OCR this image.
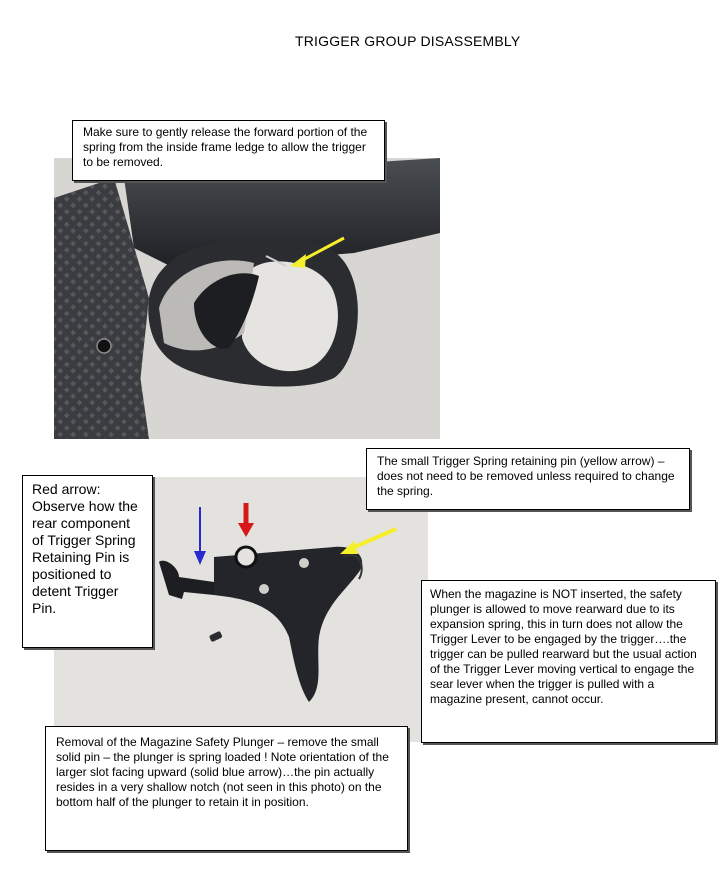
TRIGGER GROUP DISASSEMBLY

Make sure to gently release the forward portion of the spring from the inside frame ledge to allow the trigger to be removed.

The small Trigger Spring retaining pin (yellow arrow) – does not need to be removed unless required to change the spring.

Red arrow: Observe how the rear component of Trigger Spring Retaining Pin is positioned to detent Trigger Pin.

When the magazine is NOT inserted, the safety plunger is allowed to move rearward due to its expansion spring, this in turn does not allow the Trigger Lever to be engaged by the trigger….the trigger can be pulled rearward but the usual action of the Trigger Lever moving vertical to engage the sear lever when the trigger is pulled with a magazine present, cannot occur.

Removal of the Magazine Safety Plunger – remove the small solid pin – the plunger is spring loaded ! Note orientation of the larger slot facing upward (solid blue arrow)…the pin actually resides in a very shallow notch (not seen in this photo) on the bottom half of the plunger to retain it in position.
